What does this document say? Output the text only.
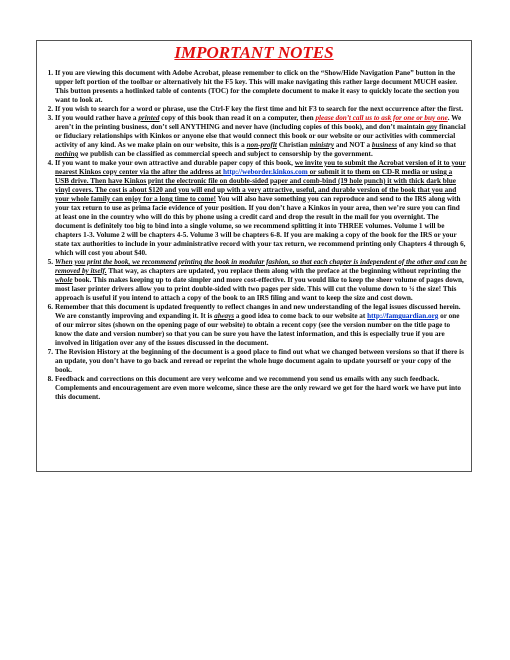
IMPORTANT NOTES
1. If you are viewing this document with Adobe Acrobat, please remember to click on the “Show/Hide Navigation Pane” button in the upper left portion of the toolbar or alternatively hit the F5 key. This will make navigating this rather large document MUCH easier. This button presents a hotlinked table of contents (TOC) for the complete document to make it easy to quickly locate the section you want to look at.
2. If you wish to search for a word or phrase, use the Ctrl-F key the first time and hit F3 to search for the next occurrence after the first.
3. If you would rather have a printed copy of this book than read it on a computer, then please don’t call us to ask for one or buy one. We aren’t in the printing business, don’t sell ANYTHING and never have (including copies of this book), and don’t maintain any financial or fiduciary relationships with Kinkos or anyone else that would connect this book or our website or our activities with commercial activity of any kind. As we make plain on our website, this is a non-profit Christian ministry and NOT a business of any kind so that nothing we publish can be classified as commercial speech and subject to censorship by the government.
4. If you want to make your own attractive and durable paper copy of this book, we invite you to submit the Acrobat version of it to your nearest Kinkos copy center via the after the address at http://weborder.kinkos.com or submit it to them on CD-R media or using a USB drive. Then have Kinkos print the electronic file on double-sided paper and comb-bind (19 hole punch) it with thick dark blue vinyl covers. The cost is about $120 and you will end up with a very attractive, useful, and durable version of the book that you and your whole family can enjoy for a long time to come! You will also have something you can reproduce and send to the IRS along with your tax return to use as prima facie evidence of your position. If you don’t have a Kinkos in your area, then we’re sure you can find at least one in the country who will do this by phone using a credit card and drop the result in the mail for you overnight. The document is definitely too big to bind into a single volume, so we recommend splitting it into THREE volumes. Volume 1 will be chapters 1-3. Volume 2 will be chapters 4-5. Volume 3 will be chapters 6-8. If you are making a copy of the book for the IRS or your state tax authorities to include in your administrative record with your tax return, we recommend printing only Chapters 4 through 6, which will cost you about $40.
5. When you print the book, we recommend printing the book in modular fashion, so that each chapter is independent of the other and can be removed by itself. That way, as chapters are updated, you replace them along with the preface at the beginning without reprinting the whole book. This makes keeping up to date simpler and more cost-effective. If you would like to keep the sheer volume of pages down, most laser printer drivers allow you to print double-sided with two pages per side. This will cut the volume down to ¼ the size! This approach is useful if you intend to attach a copy of the book to an IRS filing and want to keep the size and cost down.
6. Remember that this document is updated frequently to reflect changes in and new understanding of the legal issues discussed herein. We are constantly improving and expanding it. It is always a good idea to come back to our website at http://famguardian.org or one of our mirror sites (shown on the opening page of our website) to obtain a recent copy (see the version number on the title page to know the date and version number) so that you can be sure you have the latest information, and this is especially true if you are involved in litigation over any of the issues discussed in the document.
7. The Revision History at the beginning of the document is a good place to find out what we changed between versions so that if there is an update, you don’t have to go back and reread or reprint the whole huge document again to update yourself or your copy of the book.
8. Feedback and corrections on this document are very welcome and we recommend you send us emails with any such feedback. Complements and encouragement are even more welcome, since these are the only reward we get for the hard work we have put into this document.
